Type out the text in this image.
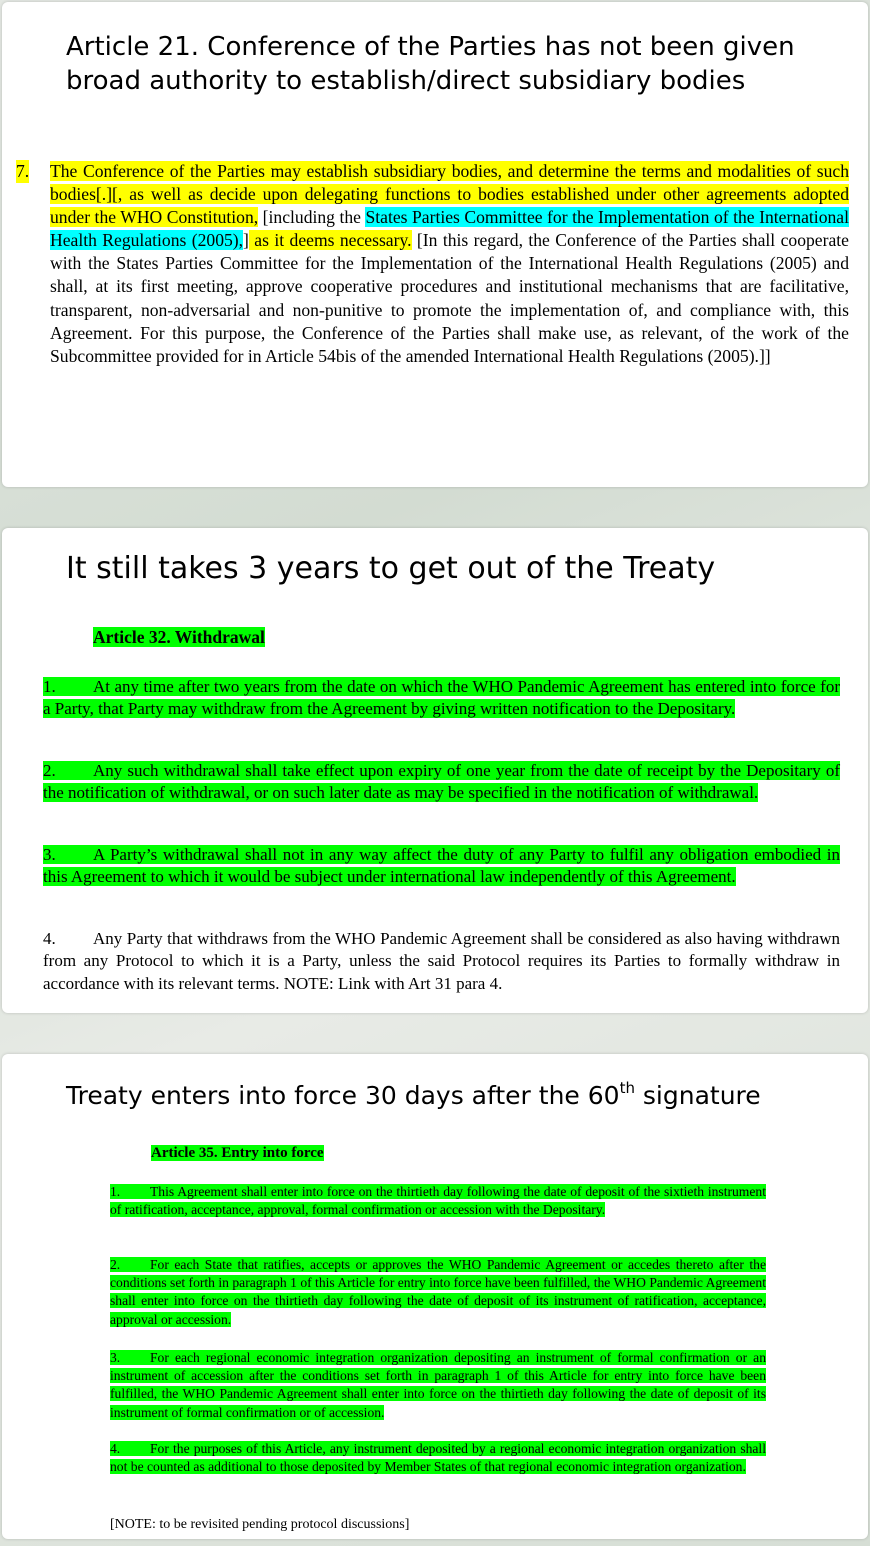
Article 21. Conference of the Parties has not been given broad authority to establish/direct subsidiary bodies
7. The Conference of the Parties may establish subsidiary bodies, and determine the terms and modalities of such bodies[.][, as well as decide upon delegating functions to bodies established under other agreements adopted under the WHO Constitution, [including the States Parties Committee for the Implementation of the International Health Regulations (2005),] as it deems necessary. [In this regard, the Conference of the Parties shall cooperate with the States Parties Committee for the Implementation of the International Health Regulations (2005) and shall, at its first meeting, approve cooperative procedures and institutional mechanisms that are facilitative, transparent, non-adversarial and non-punitive to promote the implementation of, and compliance with, this Agreement. For this purpose, the Conference of the Parties shall make use, as relevant, of the work of the Subcommittee provided for in Article 54bis of the amended International Health Regulations (2005).]]

It still takes 3 years to get out of the Treaty

Article 32. Withdrawal

1. At any time after two years from the date on which the WHO Pandemic Agreement has entered into force for a Party, that Party may withdraw from the Agreement by giving written notification to the Depositary.

2. Any such withdrawal shall take effect upon expiry of one year from the date of receipt by the Depositary of the notification of withdrawal, or on such later date as may be specified in the notification of withdrawal.

3. A Party’s withdrawal shall not in any way affect the duty of any Party to fulfil any obligation embodied in this Agreement to which it would be subject under international law independently of this Agreement.

4. Any Party that withdraws from the WHO Pandemic Agreement shall be considered as also having withdrawn from any Protocol to which it is a Party, unless the said Protocol requires its Parties to formally withdraw in accordance with its relevant terms. NOTE: Link with Art 31 para 4.

Treaty enters into force 30 days after the 60th signature

Article 35. Entry into force

1. This Agreement shall enter into force on the thirtieth day following the date of deposit of the sixtieth instrument of ratification, acceptance, approval, formal confirmation or accession with the Depositary.

2. For each State that ratifies, accepts or approves the WHO Pandemic Agreement or accedes thereto after the conditions set forth in paragraph 1 of this Article for entry into force have been fulfilled, the WHO Pandemic Agreement shall enter into force on the thirtieth day following the date of deposit of its instrument of ratification, acceptance, approval or accession.

3. For each regional economic integration organization depositing an instrument of formal confirmation or an instrument of accession after the conditions set forth in paragraph 1 of this Article for entry into force have been fulfilled, the WHO Pandemic Agreement shall enter into force on the thirtieth day following the date of deposit of its instrument of formal confirmation or of accession.

4. For the purposes of this Article, any instrument deposited by a regional economic integration organization shall not be counted as additional to those deposited by Member States of that regional economic integration organization.

[NOTE: to be revisited pending protocol discussions]
